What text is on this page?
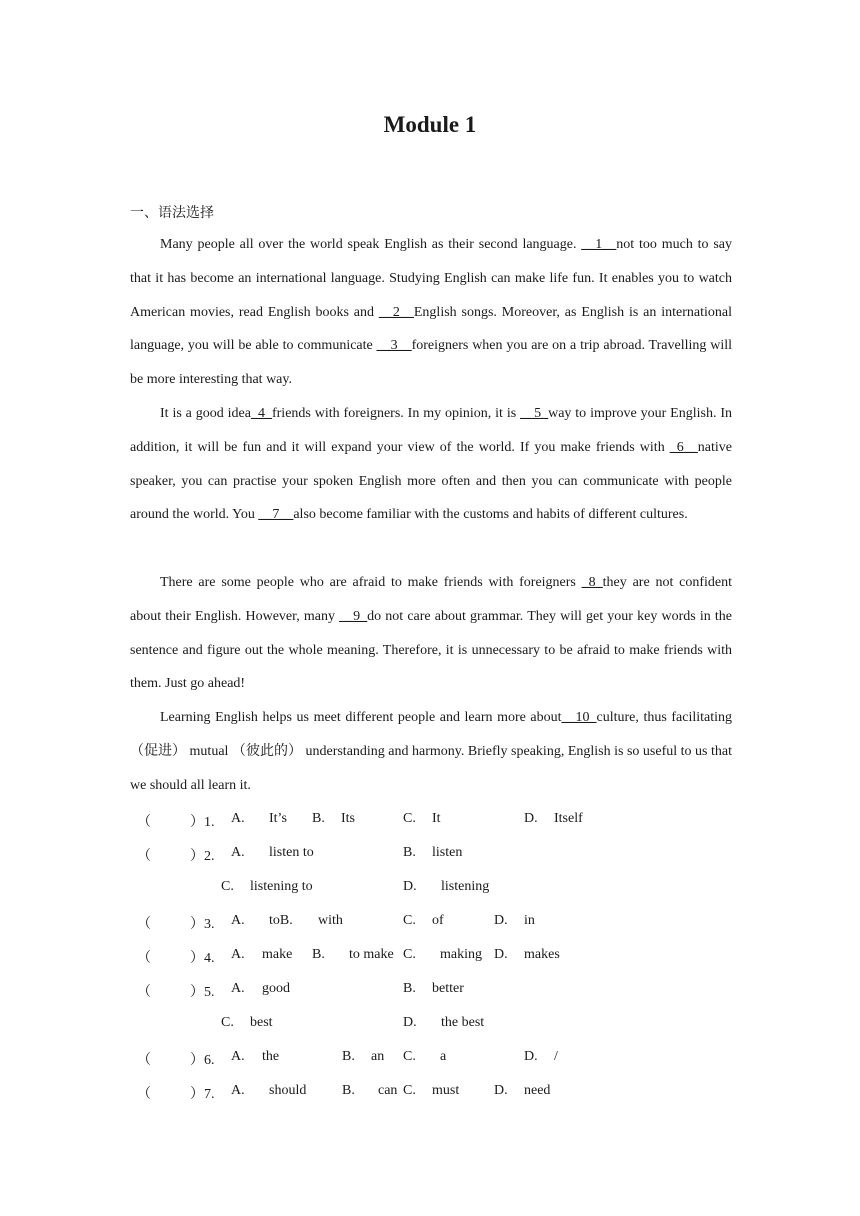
Module 1
一、语法选择
Many people all over the world speak English as their second language. __1__not too much to say that it has become an international language. Studying English can make life fun. It enables you to watch American movies, read English books and __2__English songs. Moreover, as English is an international language, you will be able to communicate __3__foreigners when you are on a trip abroad. Travelling will be more interesting that way.
It is a good idea_4_friends with foreigners. In my opinion, it is __5_way to improve your English. In addition, it will be fun and it will expand your view of the world. If you make friends with _6__native speaker, you can practise your spoken English more often and then you can communicate with people around the world. You __7__also become familiar with the customs and habits of different cultures.
There are some people who are afraid to make friends with foreigners _8_they are not confident about their English. However, many __9_do not care about grammar. They will get your key words in the sentence and figure out the whole meaning. Therefore, it is unnecessary to be afraid to make friends with them. Just go ahead!
Learning English helps us meet different people and learn more about__10_culture, thus facilitating （促进） mutual （彼此的） understanding and harmony. Briefly speaking, English is so useful to us that we should all learn it.
（	）1. A. It’s B. Its	C. It	D. Itself
（	）2. A. listen to	B. listen
C. listening to	D. listening
（	）3. A. toB. with	C. of	D. in
（	）4. A. make B. to make C. making D. makes
（	）5. A. good	B. better
C. best	D. the best
（	）6. A. the	B. an C. a	D. /
（	）7. A. should	B. can C. must D. need
